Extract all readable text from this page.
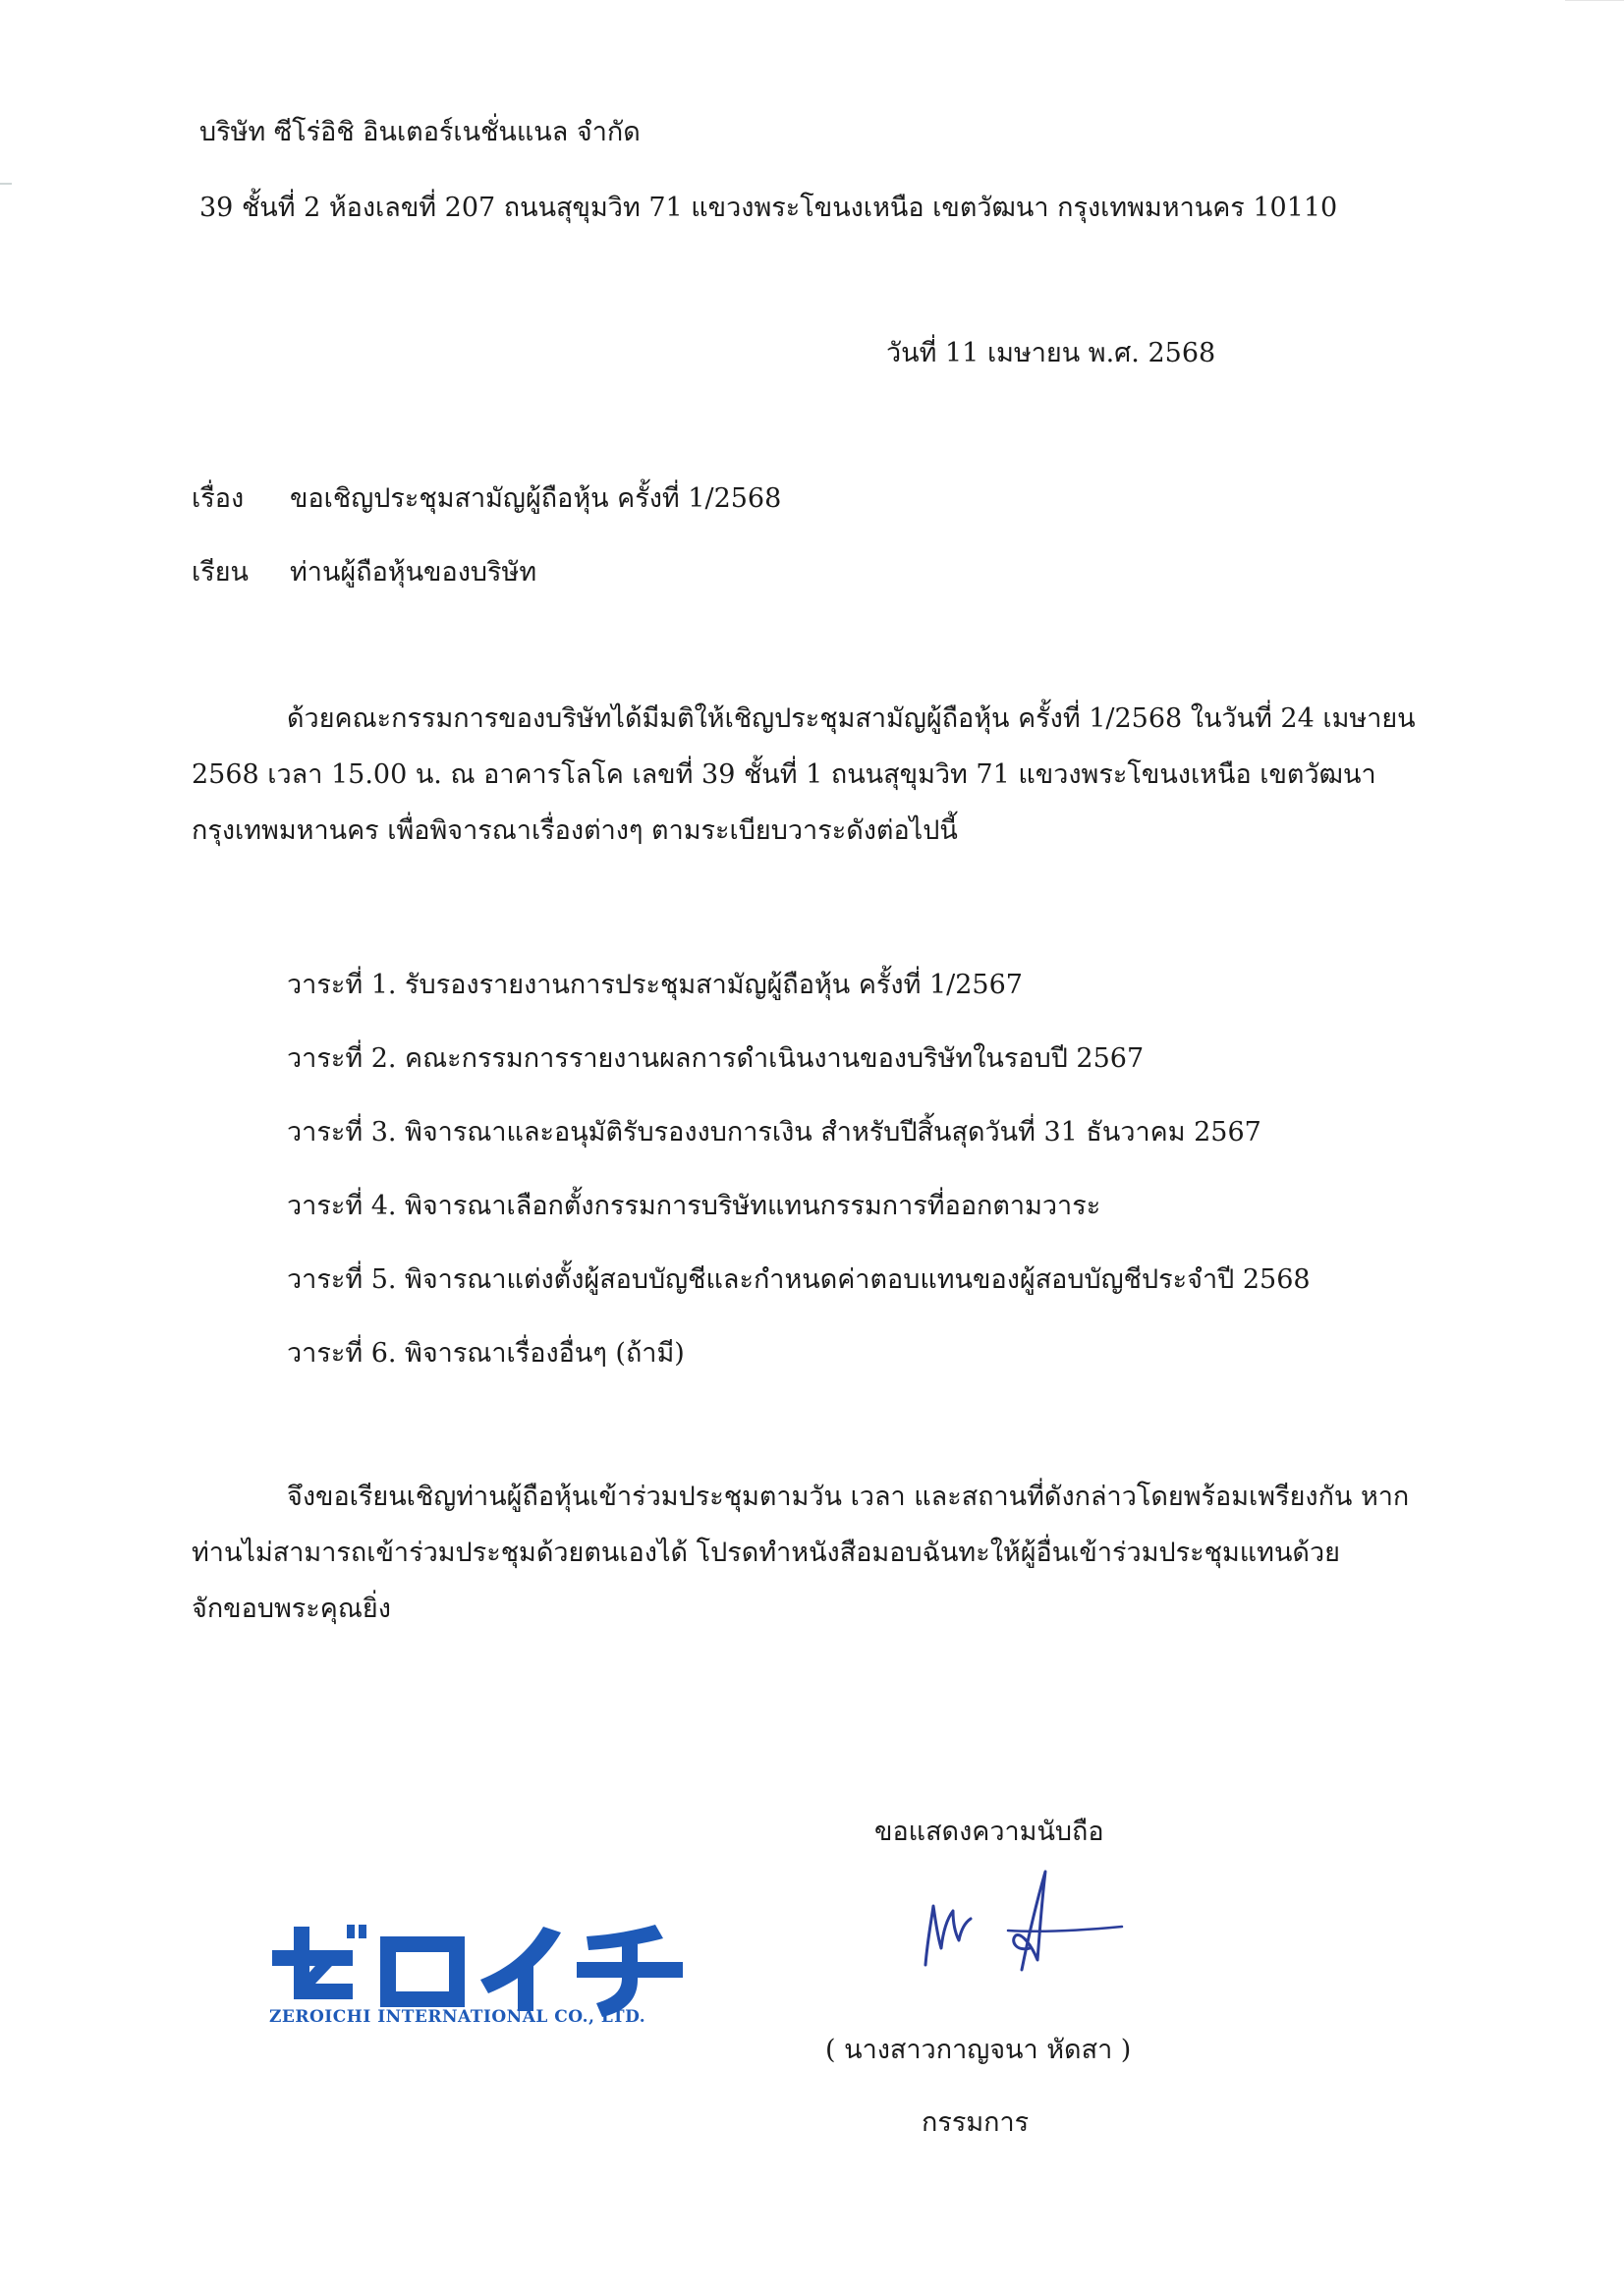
บริษัท ซีโร่อิชิ อินเตอร์เนชั่นแนล จำกัด
39 ชั้นที่ 2 ห้องเลขที่ 207 ถนนสุขุมวิท 71 แขวงพระโขนงเหนือ เขตวัฒนา กรุงเทพมหานคร 10110
วันที่ 11 เมษายน พ.ศ. 2568
เรื่อง ขอเชิญประชุมสามัญผู้ถือหุ้น ครั้งที่ 1/2568
เรียน ท่านผู้ถือหุ้นของบริษัท
ด้วยคณะกรรมการของบริษัทได้มีมติให้เชิญประชุมสามัญผู้ถือหุ้น ครั้งที่ 1/2568 ในวันที่ 24 เมษายน
2568 เวลา 15.00 น. ณ อาคารโลโค เลขที่ 39 ชั้นที่ 1 ถนนสุขุมวิท 71 แขวงพระโขนงเหนือ เขตวัฒนา
กรุงเทพมหานคร เพื่อพิจารณาเรื่องต่างๆ ตามระเบียบวาระดังต่อไปนี้
วาระที่ 1. รับรองรายงานการประชุมสามัญผู้ถือหุ้น ครั้งที่ 1/2567
วาระที่ 2. คณะกรรมการรายงานผลการดำเนินงานของบริษัทในรอบปี 2567
วาระที่ 3. พิจารณาและอนุมัติรับรองงบการเงิน สำหรับปีสิ้นสุดวันที่ 31 ธันวาคม 2567
วาระที่ 4. พิจารณาเลือกตั้งกรรมการบริษัทแทนกรรมการที่ออกตามวาระ
วาระที่ 5. พิจารณาแต่งตั้งผู้สอบบัญชีและกำหนดค่าตอบแทนของผู้สอบบัญชีประจำปี 2568
วาระที่ 6. พิจารณาเรื่องอื่นๆ (ถ้ามี)
จึงขอเรียนเชิญท่านผู้ถือหุ้นเข้าร่วมประชุมตามวัน เวลา และสถานที่ดังกล่าวโดยพร้อมเพรียงกัน หาก
ท่านไม่สามารถเข้าร่วมประชุมด้วยตนเองได้ โปรดทำหนังสือมอบฉันทะให้ผู้อื่นเข้าร่วมประชุมแทนด้วย
จักขอบพระคุณยิ่ง
ขอแสดงความนับถือ
( นางสาวกาญจนา หัดสา )
กรรมการ
ZEROICHI INTERNATIONAL CO., LTD.
